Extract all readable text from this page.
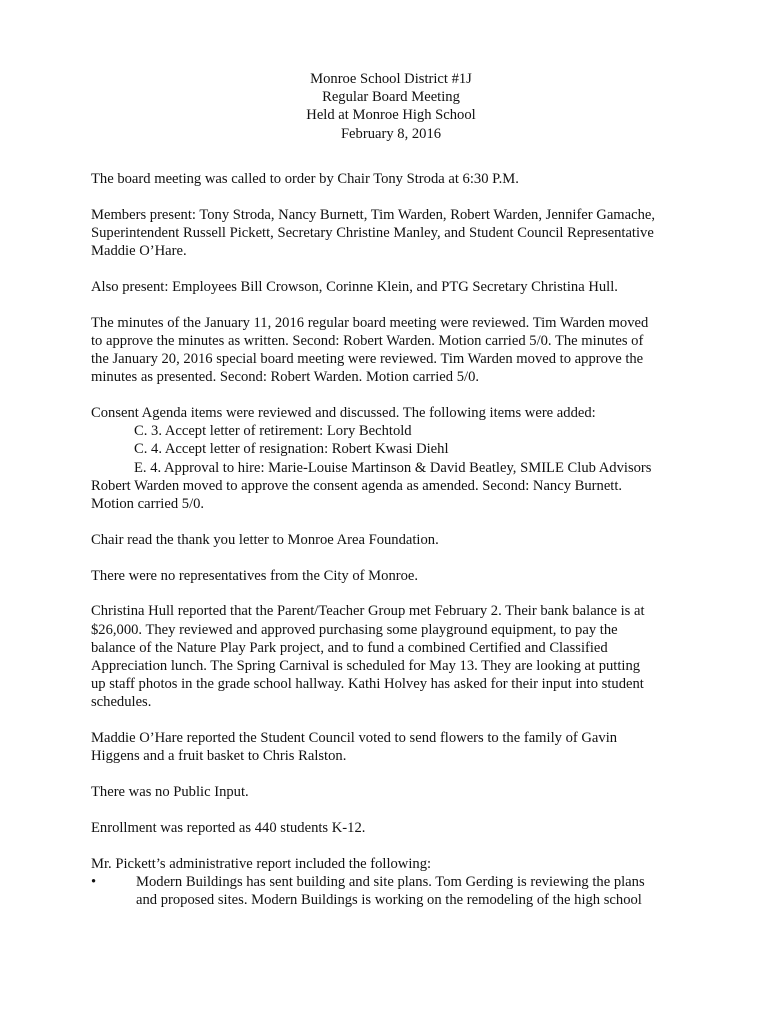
Monroe School District #1J
Regular Board Meeting
Held at Monroe High School
February 8, 2016

The board meeting was called to order by Chair Tony Stroda at 6:30 P.M.

Members present: Tony Stroda, Nancy Burnett, Tim Warden, Robert Warden, Jennifer Gamache,
Superintendent Russell Pickett, Secretary Christine Manley, and Student Council Representative
Maddie O’Hare.

Also present: Employees Bill Crowson, Corinne Klein, and PTG Secretary Christina Hull.

The minutes of the January 11, 2016 regular board meeting were reviewed. Tim Warden moved
to approve the minutes as written. Second: Robert Warden. Motion carried 5/0. The minutes of
the January 20, 2016 special board meeting were reviewed. Tim Warden moved to approve the
minutes as presented. Second: Robert Warden. Motion carried 5/0.
Consent Agenda items were reviewed and discussed. The following items were added:
C. 3. Accept letter of retirement: Lory Bechtold
C. 4. Accept letter of resignation: Robert Kwasi Diehl
E. 4. Approval to hire: Marie-Louise Martinson & David Beatley, SMILE Club Advisors
Robert Warden moved to approve the consent agenda as amended. Second: Nancy Burnett.
Motion carried 5/0.

Chair read the thank you letter to Monroe Area Foundation.

There were no representatives from the City of Monroe.

Christina Hull reported that the Parent/Teacher Group met February 2. Their bank balance is at
$26,000. They reviewed and approved purchasing some playground equipment, to pay the
balance of the Nature Play Park project, and to fund a combined Certified and Classified
Appreciation lunch. The Spring Carnival is scheduled for May 13. They are looking at putting
up staff photos in the grade school hallway. Kathi Holvey has asked for their input into student
schedules.
Maddie O’Hare reported the Student Council voted to send flowers to the family of Gavin
Higgens and a fruit basket to Chris Ralston.

There was no Public Input.

Enrollment was reported as 440 students K-12.

Mr. Pickett’s administrative report included the following:
•	Modern Buildings has sent building and site plans. Tom Gerding is reviewing the plans
and proposed sites. Modern Buildings is working on the remodeling of the high school
